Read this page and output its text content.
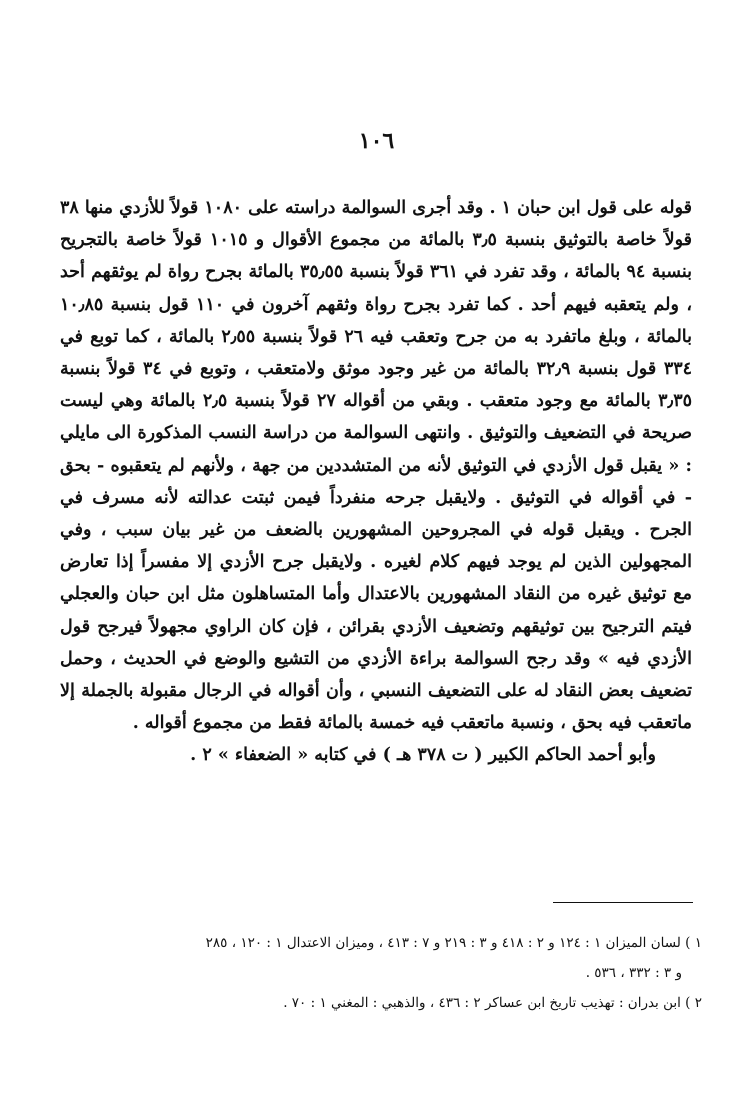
١٠٦

قوله على قول ابن حبان ١ . وقد أجرى السوالمة دراسته على ١٠٨٠ قولاً للأزدي منها ٣٨ قولاً خاصة بالتوثيق بنسبة ٣٫٥ بالمائة من مجموع الأقوال و ١٠١٥ قولاً خاصة بالتجريح بنسبة ٩٤ بالمائة ، وقد تفرد في ٣٦١ قولاً بنسبة ٣٥٫٥٥ بالمائة بجرح رواة لم يوثقهم أحد ، ولم يتعقبه فيهم أحد . كما تفرد بجرح رواة وثقهم آخرون في ١١٠ قول بنسبة ١٠٫٨٥ بالمائة ، وبلغ ماتفرد به من جرح وتعقب فيه ٢٦ قولاً بنسبة ٢٫٥٥ بالمائة ، كما توبع في ٣٣٤ قول بنسبة ٣٢٫٩ بالمائة من غير وجود موثق ولامتعقب ، وتوبع في ٣٤ قولاً بنسبة ٣٫٣٥ بالمائة مع وجود متعقب . وبقي من أقواله ٢٧ قولاً بنسبة ٢٫٥ بالمائة وهي ليست صريحة في التضعيف والتوثيق . وانتهى السوالمة من دراسة النسب المذكورة الى مايلي : « يقبل قول الأزدي في التوثيق لأنه من المتشددين من جهة ، ولأنهم لم يتعقبوه - بحق - في أقواله في التوثيق . ولايقبل جرحه منفرداً فيمن ثبتت عدالته لأنه مسرف في الجرح . ويقبل قوله في المجروحين المشهورين بالضعف من غير بيان سبب ، وفي المجهولين الذين لم يوجد فيهم كلام لغيره . ولايقبل جرح الأزدي إلا مفسراً إذا تعارض مع توثيق غيره من النقاد المشهورين بالاعتدال وأما المتساهلون مثل ابن حبان والعجلي فيتم الترجيح بين توثيقهم وتضعيف الأزدي بقرائن ، فإن كان الراوي مجهولاً فيرجح قول الأزدي فيه » وقد رجح السوالمة براءة الأزدي من التشيع والوضع في الحديث ، وحمل تضعيف بعض النقاد له على التضعيف النسبي ، وأن أقواله في الرجال مقبولة بالجملة إلا ماتعقب فيه بحق ، ونسبة ماتعقب فيه خمسة بالمائة فقط من مجموع أقواله .

وأبو أحمد الحاكم الكبير ( ت ٣٧٨ هـ ) في كتابه « الضعفاء » ٢ .

١ ) لسان الميزان ١ : ١٢٤ و ٢ : ٤١٨ و ٣ : ٢١٩ و ٧ : ٤١٣ ، وميزان الاعتدال ١ : ١٢٠ ، ٢٨٥

و ٣ : ٣٣٢ ، ٥٣٦ .

٢ ) ابن بدران : تهذيب تاريخ ابن عساكر ٢ : ٤٣٦ ، والذهبي : المغني ١ : ٧٠ .
